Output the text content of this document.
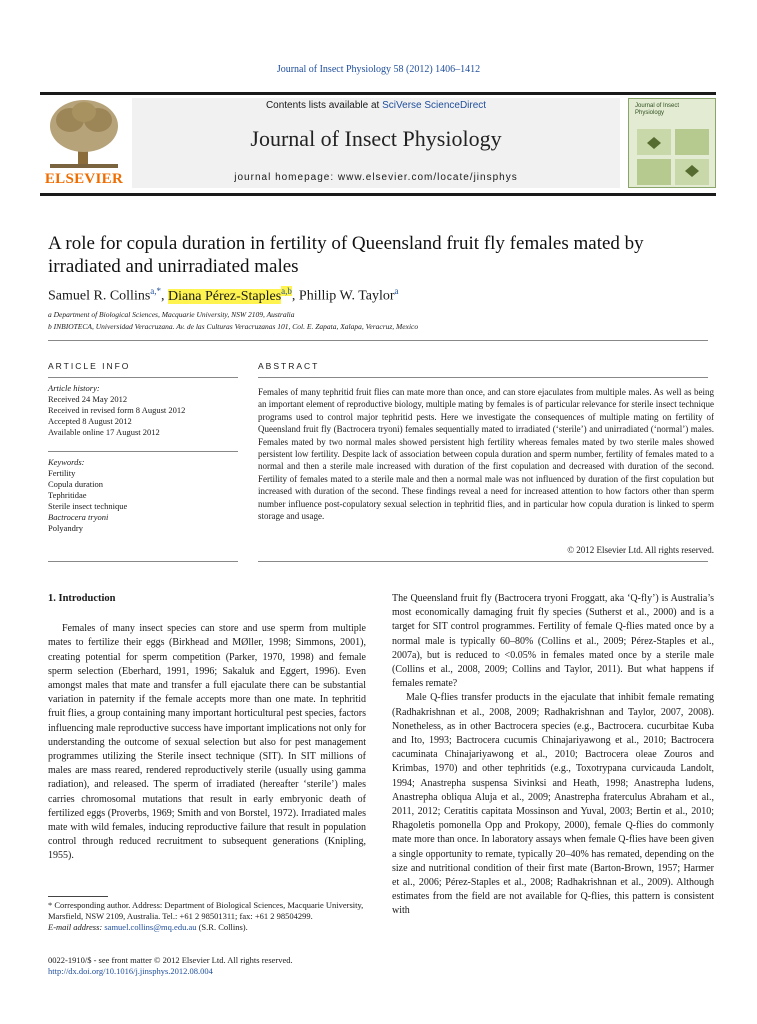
Journal of Insect Physiology 58 (2012) 1406–1412
ELSEVIER
Contents lists available at SciVerse ScienceDirect
Journal of Insect Physiology
journal homepage: www.elsevier.com/locate/jinsphys
Journal of Insect Physiology
A role for copula duration in fertility of Queensland fruit fly females mated by irradiated and unirradiated males
Samuel R. Collins$^{a,*}$, Diana Pérez-Staples$^{a,b}$, Phillip W. Taylor$^a$
a Department of Biological Sciences, Macquarie University, NSW 2109, Australia
b INBIOTECA, Universidad Veracruzana. Av. de las Culturas Veracruzanas 101, Col. E. Zapata, Xalapa, Veracruz, Mexico
ARTICLE INFO	ABSTRACT
Article history:
Received 24 May 2012
Received in revised form 8 August 2012
Accepted 8 August 2012
Available online 17 August 2012
Keywords:
Fertility
Copula duration
Tephritidae
Sterile insect technique
Bactrocera tryoni
Polyandry
Females of many tephritid fruit flies can mate more than once, and can store ejaculates from multiple males. As well as being an important element of reproductive biology, multiple mating by females is of particular relevance for sterile insect technique programs used to control major tephritid pests. Here we investigate the consequences of multiple mating on fertility of Queensland fruit fly (Bactrocera tryoni) females sequentially mated to irradiated (‘sterile’) and unirradiated (‘normal’) males. Females mated by two normal males showed persistent high fertility whereas females mated by two sterile males showed persistent low fertility. Despite lack of association between copula duration and sperm number, fertility of females mated to a normal and then a sterile male increased with duration of the first copulation and decreased with duration of the second. Fertility of females mated to a sterile male and then a normal male was not influenced by duration of the first copulation but increased with duration of the second. These findings reveal a need for increased attention to how factors other than sperm number influence post-copulatory sexual selection in tephritid flies, and in particular how copula duration is linked to sperm storage and usage.
© 2012 Elsevier Ltd. All rights reserved.
1. Introduction

Females of many insect species can store and use sperm from multiple mates to fertilize their eggs (Birkhead and MØller, 1998; Simmons, 2001), creating potential for sperm competition (Parker, 1970, 1998) and female sperm selection (Eberhard, 1991, 1996; Sakaluk and Eggert, 1996). Even amongst males that mate and transfer a full ejaculate there can be substantial variation in paternity if the female accepts more than one mate. In tephritid fruit flies, a group containing many important horticultural pest species, factors influencing male reproductive success have important implications not only for understanding the outcome of sexual selection but also for pest management programmes utilizing the Sterile insect technique (SIT). In SIT millions of males are mass reared, rendered reproductively sterile (usually using gamma radiation), and released. The sperm of irradiated (hereafter ‘sterile’) males carries chromosomal mutations that result in early embryonic death of fertilized eggs (Proverbs, 1969; Smith and von Borstel, 1972). Irradiated males mate with wild females, inducing reproductive failure that result in population control through reduced recruitment to subsequent generations (Knipling, 1955).

The Queensland fruit fly (Bactrocera tryoni Froggatt, aka ‘Q-fly’) is Australia’s most economically damaging fruit fly species (Sutherst et al., 2000) and is a target for SIT control programmes. Fertility of female Q-flies mated once by a normal male is typically 60–80% (Collins et al., 2009; Pérez-Staples et al., 2007a), but is reduced to <0.05% in females mated once by a sterile male (Collins et al., 2008, 2009; Collins and Taylor, 2011). But what happens if females remate?

Male Q-flies transfer products in the ejaculate that inhibit female remating (Radhakrishnan et al., 2008, 2009; Radhakrishnan and Taylor, 2007, 2008). Nonetheless, as in other Bactrocera species (e.g., Bactrocera. cucurbitae Kuba and Ito, 1993; Bactrocera cucumis Chinajariyawong et al., 2010; Bactrocera cacuminata Chinajariyawong et al., 2010; Bactrocera oleae Zouros and Krimbas, 1970) and other tephritids (e.g., Toxotrypana curvicauda Landolt, 1994; Anastrepha suspensa Sivinksi and Heath, 1998; Anastrepha ludens, Anastrepha obliqua Aluja et al., 2009; Anastrepha fraterculus Abraham et al., 2011, 2012; Ceratitis capitata Mossinson and Yuval, 2003; Bertin et al., 2010; Rhagoletis pomonella Opp and Prokopy, 2000), female Q-flies do commonly mate more than once. In laboratory assays when female Q-flies have been given a single opportunity to remate, typically 20–40% has remated, depending on the size and nutritional condition of their first mate (Barton-Brown, 1957; Harmer et al., 2006; Pérez-Staples et al., 2008; Radhakrishnan et al., 2009). Although estimates from the field are not available for Q-flies, this pattern is consistent with

* Corresponding author. Address: Department of Biological Sciences, Macquarie University, Marsfield, NSW 2109, Australia. Tel.: +61 2 98501311; fax: +61 2 98504299.
E-mail address: samuel.collins@mq.edu.au (S.R. Collins).
0022-1910/$ - see front matter © 2012 Elsevier Ltd. All rights reserved.
http://dx.doi.org/10.1016/j.jinsphys.2012.08.004
